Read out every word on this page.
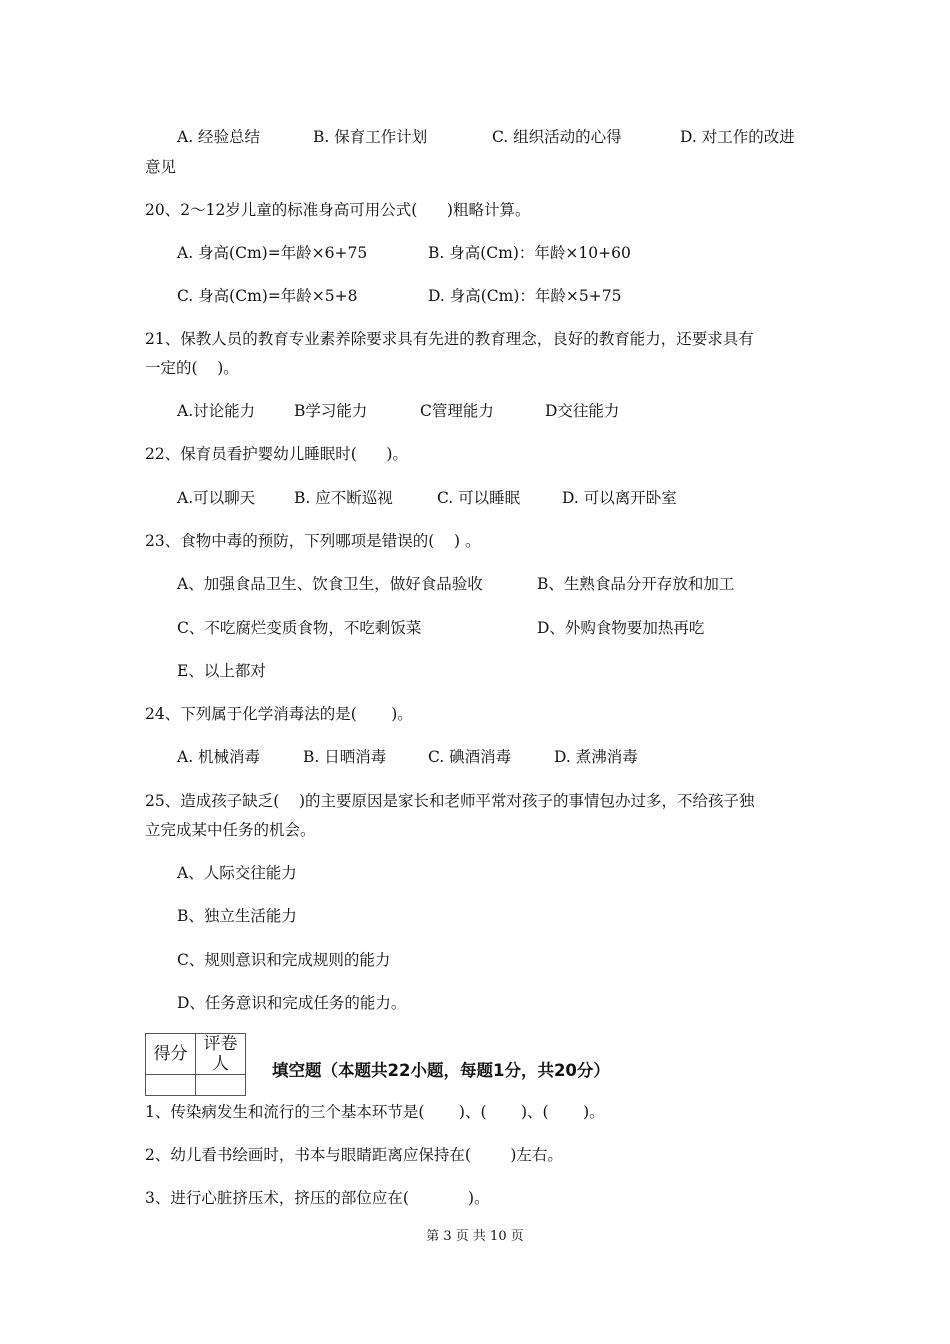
A. 经验总结	B. 保育工作计划	C. 组织活动的心得	D. 对工作的改进
意见
20、2～12岁儿童的标准身高可用公式(      )粗略计算。
A. 身高(Cm)=年龄×6+75	B. 身高(Cm)：年龄×10+60
C. 身高(Cm)=年龄×5+8	D. 身高(Cm)：年龄×5+75
21、保教人员的教育专业素养除要求具有先进的教育理念，良好的教育能力，还要求具有
一定的(    )。
A.讨论能力	B学习能力	C管理能力	D交往能力
22、保育员看护婴幼儿睡眠时(      )。
A.可以聊天	B. 应不断巡视	C. 可以睡眠	D. 可以离开卧室
23、食物中毒的预防，下列哪项是错误的(    ) 。
A、加强食品卫生、饮食卫生，做好食品验收	B、生熟食品分开存放和加工
C、不吃腐烂变质食物，不吃剩饭菜	D、外购食物要加热再吃
E、以上都对
24、下列属于化学消毒法的是(       )。
A. 机械消毒	B. 日晒消毒	C. 碘酒消毒	D. 煮沸消毒
25、造成孩子缺乏(    )的主要原因是家长和老师平常对孩子的事情包办过多，不给孩子独
立完成某中任务的机会。
A、人际交往能力
B、独立生活能力
C、规则意识和完成规则的能力
D、任务意识和完成任务的能力。
得分	评卷人
		填空题（本题共22小题，每题1分，共20分）
1、传染病发生和流行的三个基本环节是(       )、(       )、(       )。
2、幼儿看书绘画时，书本与眼睛距离应保持在(        )左右。
3、进行心脏挤压术，挤压的部位应在(            )。
第 3 页 共 10 页
